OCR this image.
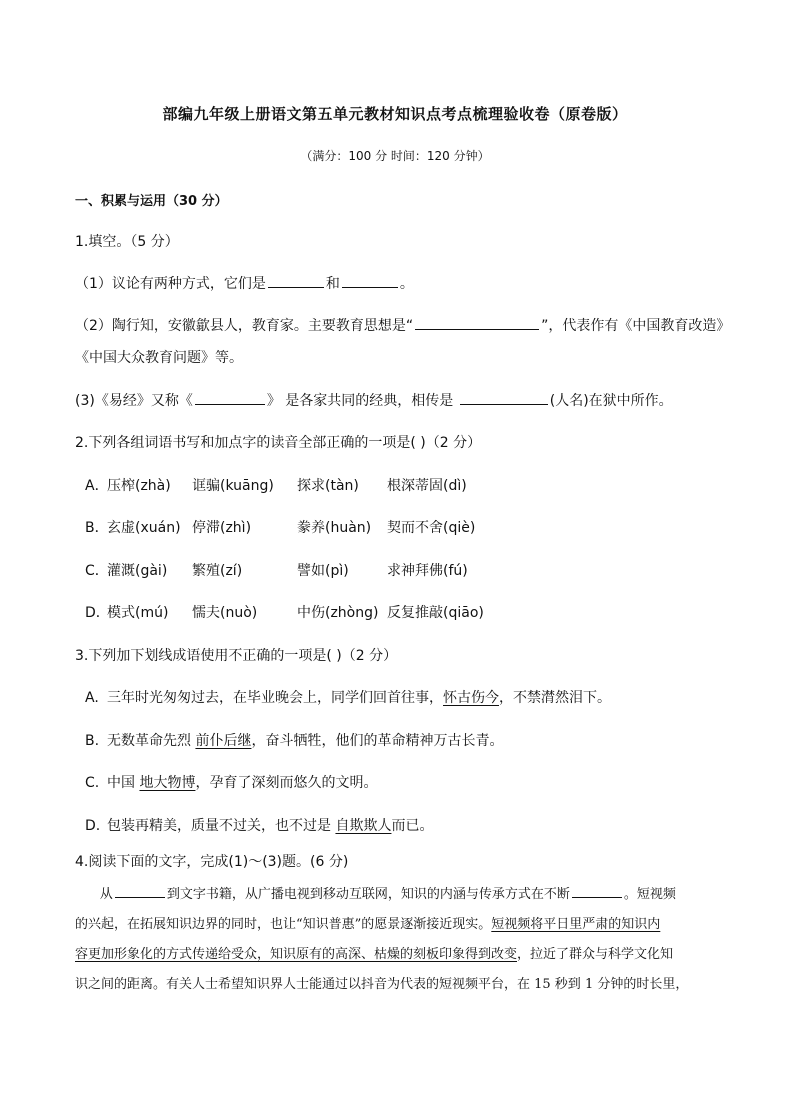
部编九年级上册语文第五单元教材知识点考点梳理验收卷（原卷版）
（满分：100 分 时间：120 分钟）
一、积累与运用（30 分）
1.填空。（5 分）
（1）议论有两种方式，它们是	和	。
（2）陶行知，安徽歙县人，教育家。主要教育思想是“	”，代表作有《中国教育改造》
《中国大众教育问题》等。
(3)《易经》又称《	》 是各家共同的经典，相传是	(人名)在狱中所作。
2.下列各组词语书写和加点字的读音全部正确的一项是( )（2 分）
A．压榨(zhà) 诓骗(kuāng) 探求(tàn) 根深蒂固(dì)
B．玄虚(xuán) 停滞(zhì)	豢养(huàn) 契而不舍(qiè)
C．灌溉(gài) 繁殖(zí)	譬如(pì)	求神拜佛(fú)
D．模式(mú) 懦夫(nuò)	中伤(zhòng) 反复推敲(qiāo)
3.下列加下划线成语使用不正确的一项是( )（2 分）
A. 三年时光匆匆过去，在毕业晚会上，同学们回首往事，怀古伤今，不禁潸然泪下。
B. 无数革命先烈 前仆后继，奋斗牺牲，他们的革命精神万古长青。
C. 中国 地大物博，孕育了深刻而悠久的文明。
D. 包装再精美，质量不过关，也不过是 自欺欺人而已。
4.阅读下面的文字，完成(1)～(3)题。(6 分)

从	到文字书籍，从广播电视到移动互联网，知识的内涵与传承方式在不断	。短视频

的兴起，在拓展知识边界的同时，也让“知识普惠”的愿景逐渐接近现实。短视频将平日里严肃的知识内

容更加形象化的方式传递给受众，知识原有的高深、枯燥的刻板印象得到改变，拉近了群众与科学文化知

识之间的距离。有关人士希望知识界人士能通过以抖音为代表的短视频平台，在 15 秒到 1 分钟的时长里，
